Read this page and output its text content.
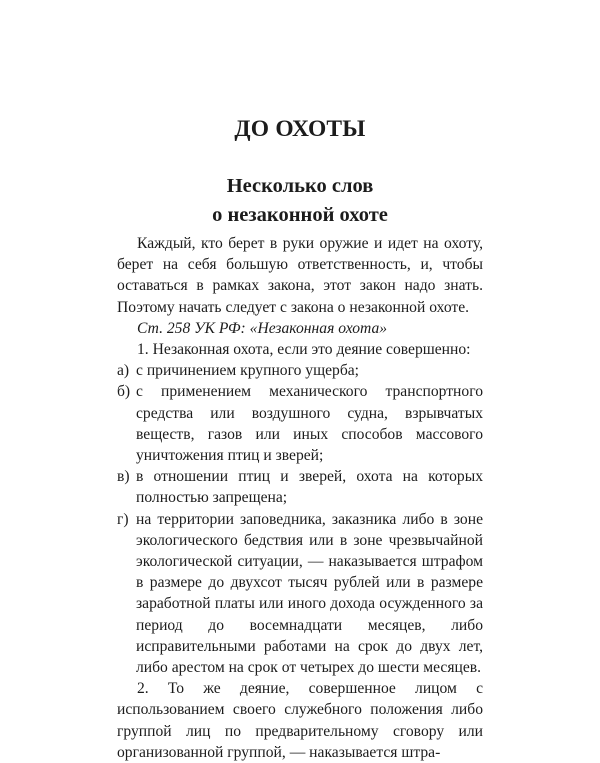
ДО ОХОТЫ
Несколько слов
о незаконной охоте

Каждый, кто берет в руки оружие и идет на охоту, берет на себя большую ответственность, и, чтобы оставаться в рамках закона, этот закон надо знать. Поэтому начать следует с закона о незаконной охоте.

Ст. 258 УК РФ: «Незаконная охота»

1. Незаконная охота, если это деяние совершенно:

а) с причинением крупного ущерба;
б) с применением механического транспортного средства или воздушного судна, взрывчатых веществ, газов или иных способов массового уничтожения птиц и зверей;
в) в отношении птиц и зверей, охота на которых полностью запрещена;
г) на территории заповедника, заказника либо в зоне экологического бедствия или в зоне чрезвычайной экологической ситуации, — наказывается штрафом в размере до двухсот тысяч рублей или в размере заработной платы или иного дохода осужденного за период до восемнадцати месяцев, либо исправительными работами на срок до двух лет, либо арестом на срок от четырех до шести месяцев.

2. То же деяние, совершенное лицом с использованием своего служебного положения либо группой лиц по предварительному сговору или организованной группой, — наказывается штра-
